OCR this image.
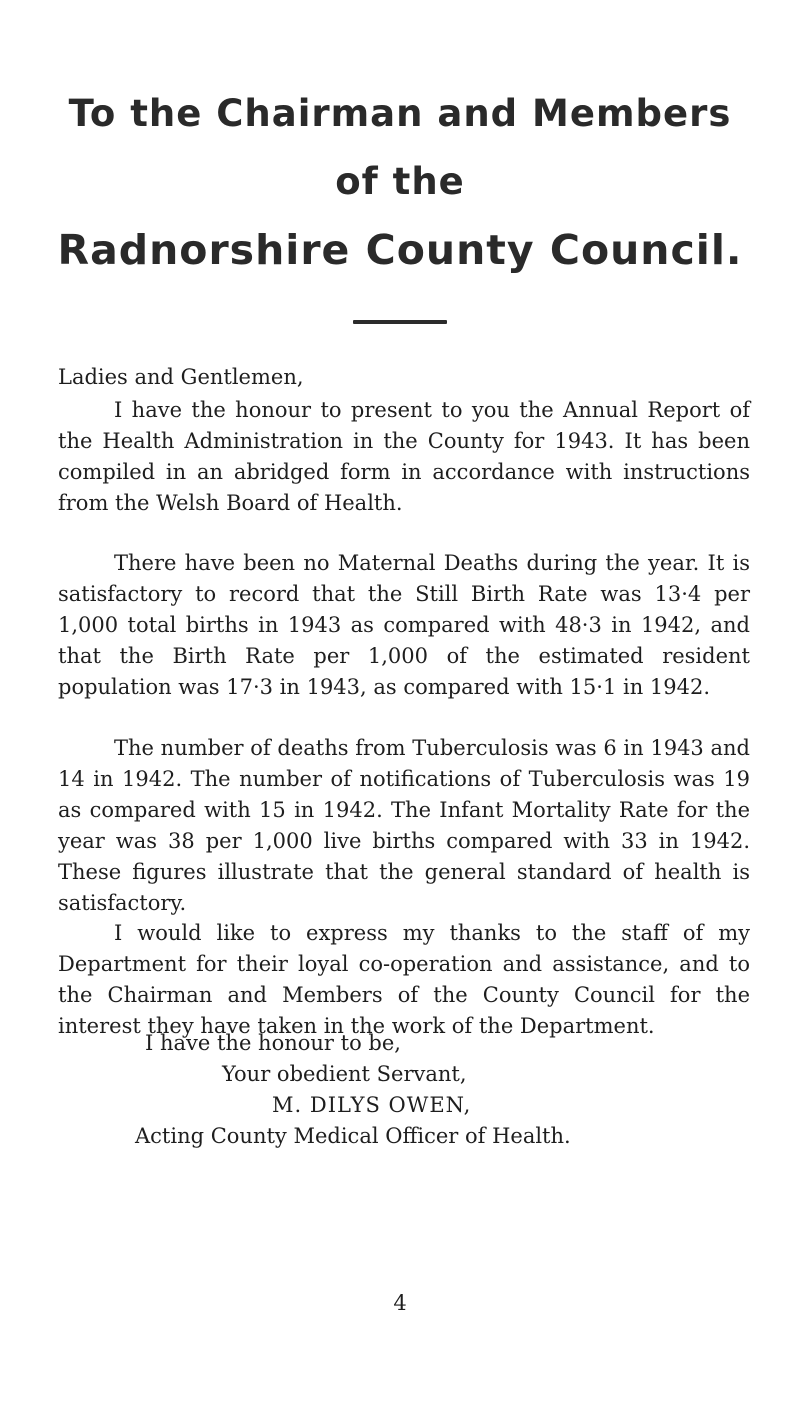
To the Chairman and Members
of the
Radnorshire County Council.
Ladies and Gentlemen,
I have the honour to present to you the Annual Report of the Health Administration in the County for 1943. It has been compiled in an abridged form in accordance with instructions from the Welsh Board of Health.
There have been no Maternal Deaths during the year. It is satisfactory to record that the Still Birth Rate was 13·4 per 1,000 total births in 1943 as compared with 48·3 in 1942, and that the Birth Rate per 1,000 of the estimated resident population was 17·3 in 1943, as compared with 15·1 in 1942.
The number of deaths from Tuberculosis was 6 in 1943 and 14 in 1942. The number of notifications of Tuberculosis was 19 as compared with 15 in 1942. The Infant Mortality Rate for the year was 38 per 1,000 live births compared with 33 in 1942. These figures illustrate that the general standard of health is satisfactory.
I would like to express my thanks to the staff of my Department for their loyal co-operation and assistance, and to the Chairman and Members of the County Council for the interest they have taken in the work of the Department.
I have the honour to be,
Your obedient Servant,
M. DILYS OWEN,
Acting County Medical Officer of Health.
4
